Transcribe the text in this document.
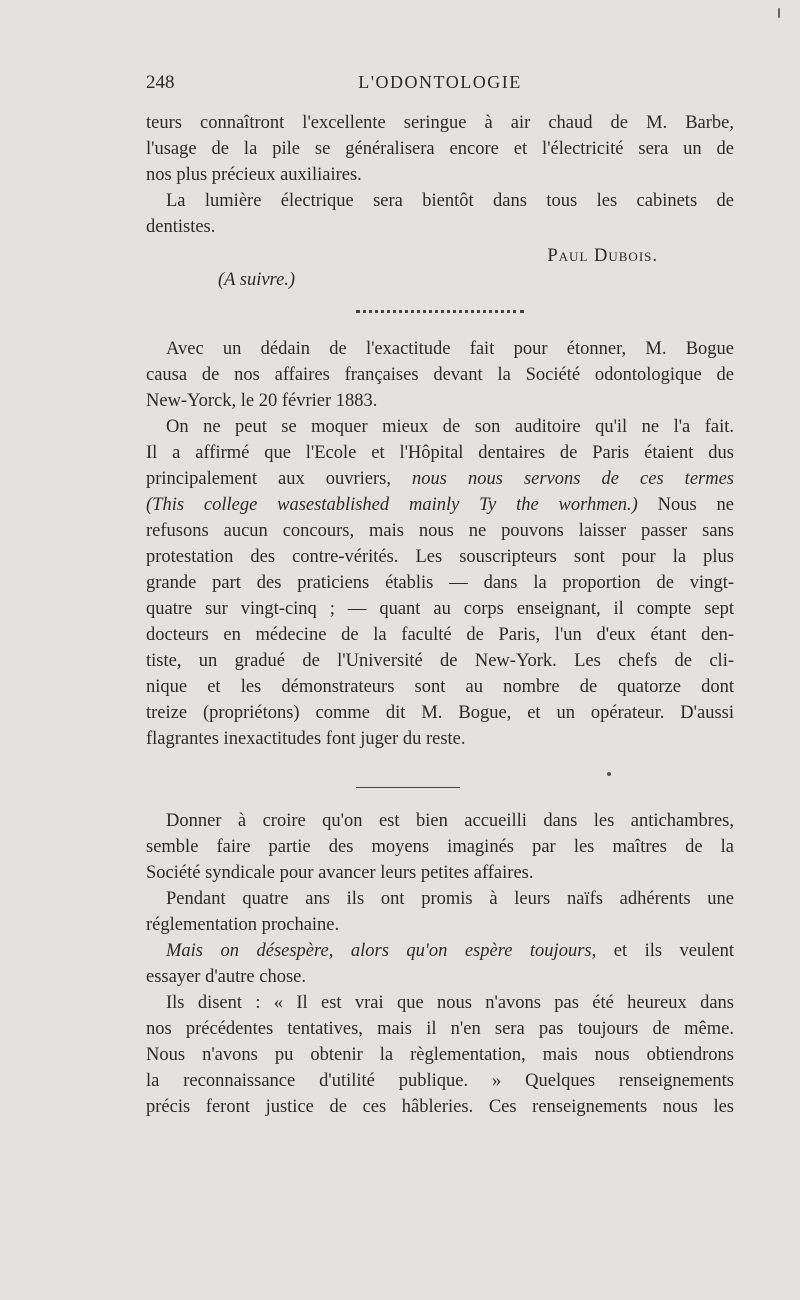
248	L'ODONTOLOGIE
teurs connaîtront l'excellente seringue à air chaud de M. Barbe,
l'usage de la pile se généralisera encore et l'électricité sera un de
nos plus précieux auxiliaires.
La lumière électrique sera bientôt dans tous les cabinets de
dentistes.
Paul Dubois.
(A suivre.)
Avec un dédain de l'exactitude fait pour étonner, M. Bogue
causa de nos affaires françaises devant la Société odontologique de
New-Yorck, le 20 février 1883.
On ne peut se moquer mieux de son auditoire qu'il ne l'a fait.
Il a affirmé que l'Ecole et l'Hôpital dentaires de Paris étaient dus
principalement aux ouvriers, nous nous servons de ces termes
(This college wasestablished mainly Ty the worhmen.) Nous ne
refusons aucun concours, mais nous ne pouvons laisser passer sans
protestation des contre-vérités. Les souscripteurs sont pour la plus
grande part des praticiens établis — dans la proportion de vingt-
quatre sur vingt-cinq ; — quant au corps enseignant, il compte sept
docteurs en médecine de la faculté de Paris, l'un d'eux étant den-
tiste, un gradué de l'Université de New-York. Les chefs de cli-
nique et les démonstrateurs sont au nombre de quatorze dont
treize (propriétons) comme dit M. Bogue, et un opérateur. D'aussi
flagrantes inexactitudes font juger du reste.
Donner à croire qu'on est bien accueilli dans les antichambres,
semble faire partie des moyens imaginés par les maîtres de la
Société syndicale pour avancer leurs petites affaires.
Pendant quatre ans ils ont promis à leurs naïfs adhérents une
réglementation prochaine.
Mais on désespère, alors qu'on espère toujours, et ils veulent
essayer d'autre chose.
Ils disent : « Il est vrai que nous n'avons pas été heureux dans
nos précédentes tentatives, mais il n'en sera pas toujours de même.
Nous n'avons pu obtenir la règlementation, mais nous obtiendrons
la reconnaissance d'utilité publique. » Quelques renseignements
précis feront justice de ces hâbleries. Ces renseignements nous les
